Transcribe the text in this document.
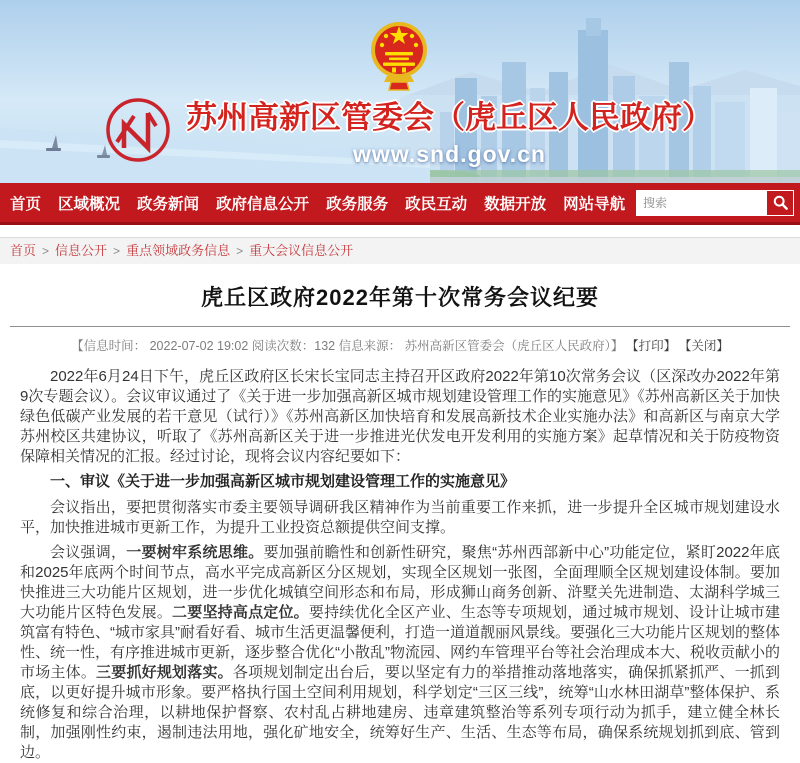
苏州高新区管委会（虎丘区人民政府）
www.snd.gov.cn
首页 区域概况 政务新闻 政府信息公开 政务服务 政民互动 数据开放 网站导航
搜索
首页 > 信息公开 > 重点领域政务信息 > 重大会议信息公开
虎丘区政府2022年第十次常务会议纪要
【信息时间： 2022-07-02 19:02 阅读次数：132 信息来源： 苏州高新区管委会（虎丘区人民政府）】 【打印】 【关闭】

2022年6月24日下午，虎丘区政府区长宋长宝同志主持召开区政府2022年第10次常务会议（区深改办2022年第9次专题会议）。会议审议通过了《关于进一步加强高新区城市规划建设管理工作的实施意见》《苏州高新区关于加快绿色低碳产业发展的若干意见（试行）》《苏州高新区加快培育和发展高新技术企业实施办法》和高新区与南京大学苏州校区共建协议，听取了《苏州高新区关于进一步推进光伏发电开发利用的实施方案》起草情况和关于防疫物资保障相关情况的汇报。经过讨论，现将会议内容纪要如下：

一、审议《关于进一步加强高新区城市规划建设管理工作的实施意见》

会议指出，要把贯彻落实市委主要领导调研我区精神作为当前重要工作来抓，进一步提升全区城市规划建设水平，加快推进城市更新工作，为提升工业投资总额提供空间支撑。

会议强调，一要树牢系统思维。要加强前瞻性和创新性研究，聚焦“苏州西部新中心”功能定位，紧盯2022年底和2025年底两个时间节点，高水平完成高新区分区规划，实现全区规划一张图，全面理顺全区规划建设体制。要加快推进三大功能片区规划，进一步优化城镇空间形态和布局，形成狮山商务创新、浒墅关先进制造、太湖科学城三大功能片区特色发展。二要坚持高点定位。要持续优化全区产业、生态等专项规划，通过城市规划、设计让城市建筑富有特色、“城市家具”耐看好看、城市生活更温馨便利，打造一道道靓丽风景线。要强化三大功能片区规划的整体性、统一性，有序推进城市更新，逐步整合优化“小散乱”物流园、网约车管理平台等社会治理成本大、税收贡献小的市场主体。三要抓好规划落实。各项规划制定出台后，要以坚定有力的举措推动落地落实，确保抓紧抓严、一抓到底，以更好提升城市形象。要严格执行国土空间利用规划，科学划定“三区三线”，统筹“山水林田湖草”整体保护、系统修复和综合治理，以耕地保护督察、农村乱占耕地建房、违章建筑整治等系列专项行动为抓手，建立健全林长制，加强刚性约束，遏制违法用地，强化矿地安全，统筹好生产、生活、生态等布局，确保系统规划抓到底、管到边。
